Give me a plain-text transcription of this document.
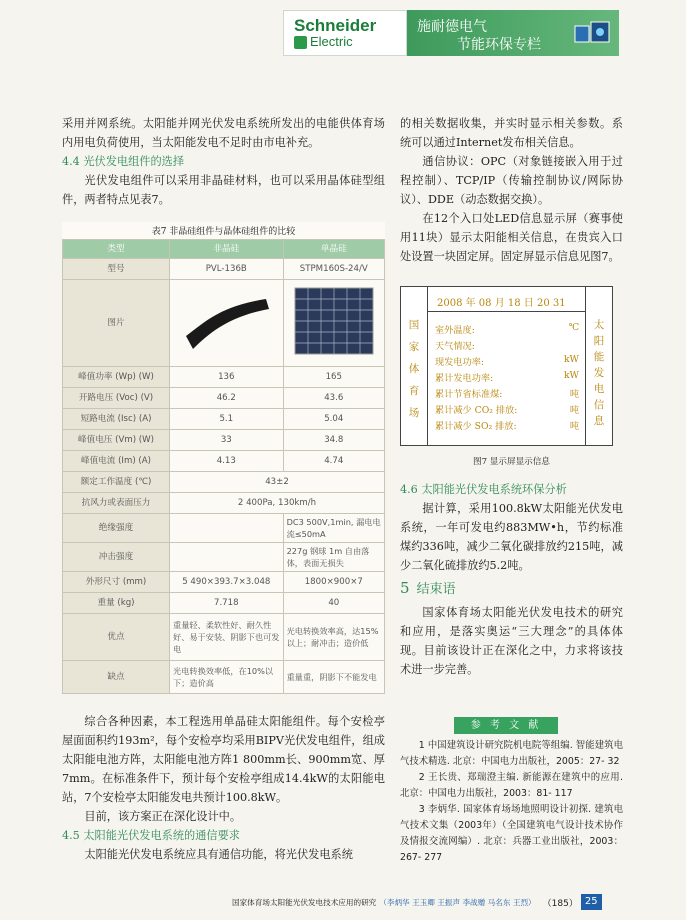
Schneider
Electric
施耐德电气
节能环保专栏

采用并网系统。太阳能并网光伏发电系统所发出的电能供体育场内用电负荷使用，当太阳能发电不足时由市电补充。

4.4 光伏发电组件的选择

光伏发电组件可以采用非晶硅材料，也可以采用晶体硅型组件，两者特点见表7。

表7 非晶硅组件与晶体硅组件的比较
类型	非晶硅	单晶硅
型号	PVL-136B	STPM160S-24/V
图片		
峰值功率 (Wp) (W)	136	165
开路电压 (Voc) (V)	46.2	43.6
短路电流 (Isc) (A)	5.1	5.04
峰值电压 (Vm) (W)	33	34.8
峰值电流 (Im) (A)	4.13	4.74
额定工作温度 (℃)	43±2	
抗风力或表面压力	2 400Pa, 130km/h	
绝缘强度		DC3 500V,1min, 漏电电流≤50mA
冲击强度		227g 钢球 1m 自由落体，表面无损失
外形尺寸 (mm)	5 490×393.7×3.048	1800×900×7
重量 (kg)	7.718	40
优点	重量轻、柔软性好、耐久性好、易于安装、阴影下也可发电	光电转换效率高，达15%以上；耐冲击；造价低
缺点	光电转换效率低，在10%以下；造价高	重量重，阴影下不能发电

综合各种因素，本工程选用单晶硅太阳能组件。每个安检亭屋面面积约193m²，每个安检亭均采用BIPV光伏发电组件，组成太阳能电池方阵，太阳能电池方阵1 800mm长、900mm宽、厚7mm。在标准条件下，预计每个安检亭组成14.4kW的太阳能电站，7个安检亭太阳能发电共预计100.8kW。

目前，该方案正在深化设计中。

4.5 太阳能光伏发电系统的通信要求

太阳能光伏发电系统应具有通信功能，将光伏发电系统

的相关数据收集，并实时显示相关参数。系统可以通过Internet发布相关信息。

通信协议：OPC（对象链接嵌入用于过程控制）、TCP/IP（传输控制协议/网际协议）、DDE（动态数据交换）。

在12个入口处LED信息显示屏（赛事使用11块）显示太阳能相关信息，在贵宾入口处设置一块固定屏。固定屏显示信息见图7。

国
家
体
育
场
太
阳
能
发
电
信
息
2008 年 08 月 18 日 20 31
室外温度:	℃
天气情况:
现发电功率:	kW
累计发电功率:	kW
累计节省标准煤:	吨
累计减少 CO₂ 排放:	吨
累计减少 SO₂ 排放:	吨

图7 显示屏显示信息

4.6 太阳能光伏发电系统环保分析

据计算，采用100.8kW太阳能光伏发电系统，一年可发电约883MW•h，节约标准煤约336吨，减少二氧化碳排放约215吨，减少二氧化硫排放约5.2吨。

5 结束语

国家体育场太阳能光伏发电技术的研究和应用，是落实奥运“三大理念”的具体体现。目前该设计正在深化之中，力求将该技术进一步完善。

参 考 文 献

1 中国建筑设计研究院机电院等组编. 智能建筑电气技术精选. 北京：中国电力出版社，2005：27- 32

2 王长贵、郑瑞澄主编. 新能源在建筑中的应用. 北京：中国电力出版社，2003：81- 117

3 李炳华. 国家体育场场地照明设计初探. 建筑电气技术文集（2003年）（全国建筑电气设计技术协作及情报交流网编）. 北京：兵器工业出版社，2003：267- 277

国家体育场太阳能光伏发电技术应用的研究 （李炳华 王玉卿 王振声 李战赠 马名东 王烈） （185） 25
